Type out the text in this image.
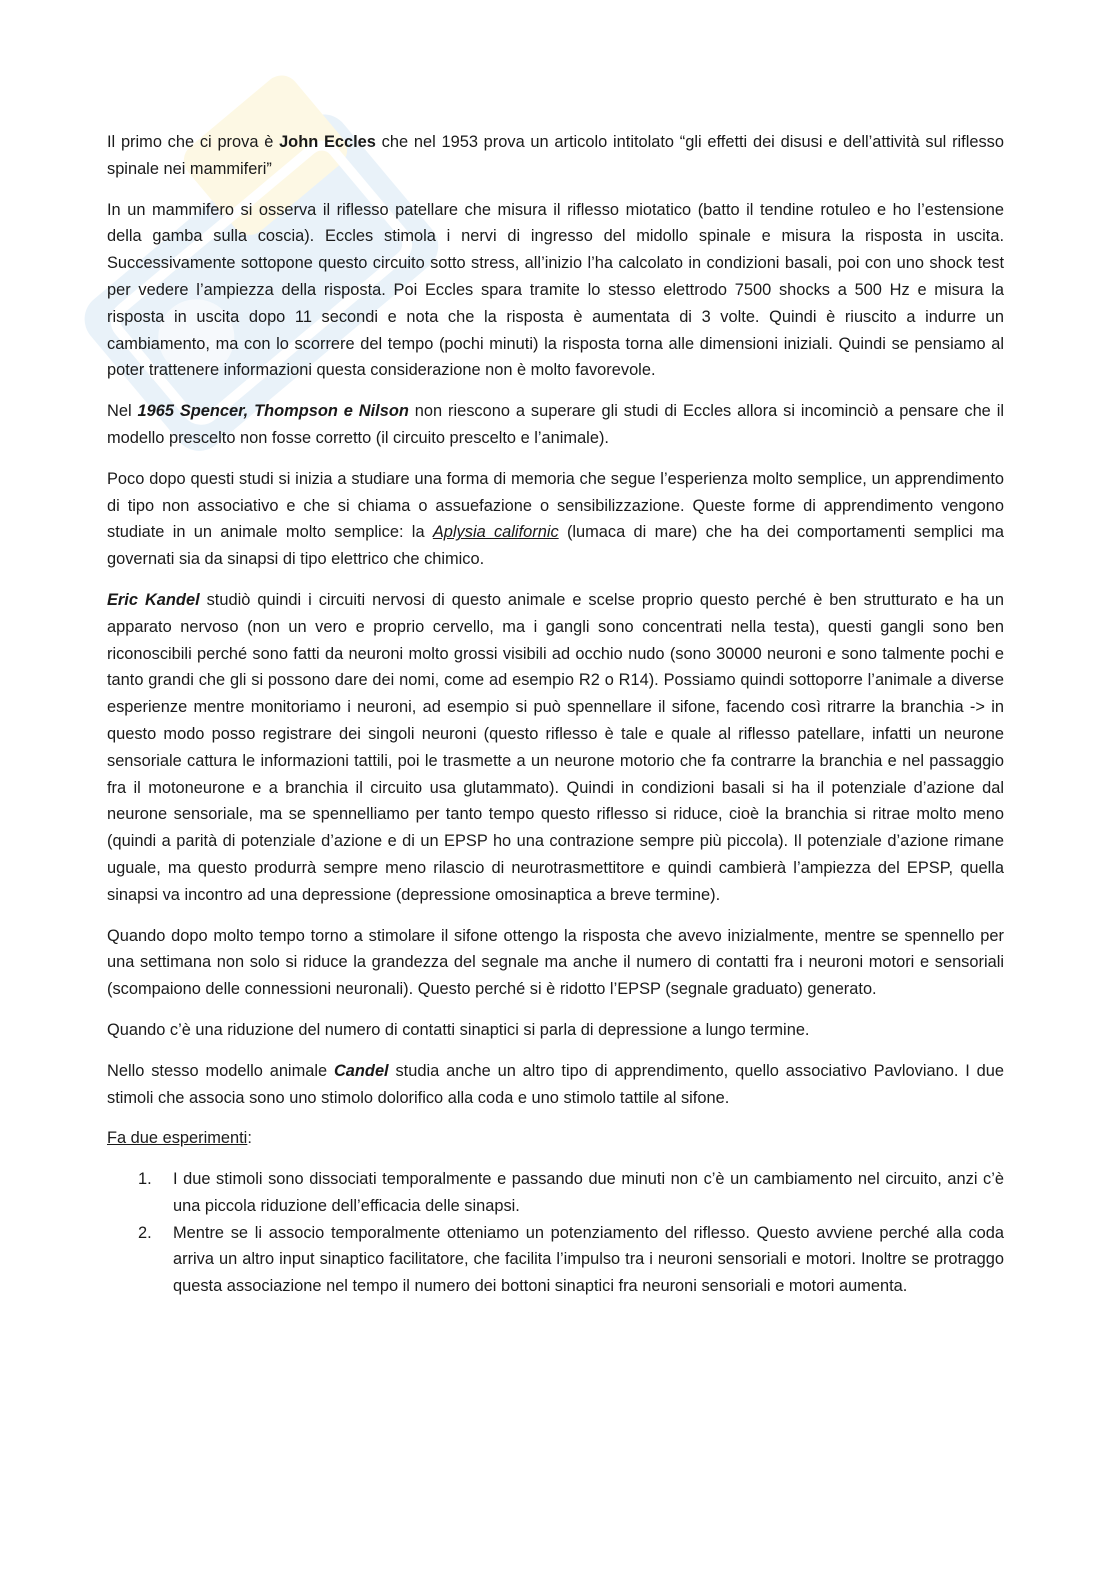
Il primo che ci prova è John Eccles che nel 1953 prova un articolo intitolato “gli effetti dei disusi e dell’attività sul riflesso spinale nei mammiferi”

In un mammifero si osserva il riflesso patellare che misura il riflesso miotatico (batto il tendine rotuleo e ho l’estensione della gamba sulla coscia). Eccles stimola i nervi di ingresso del midollo spinale e misura la risposta in uscita. Successivamente sottopone questo circuito sotto stress, all’inizio l’ha calcolato in condizioni basali, poi con uno shock test per vedere l’ampiezza della risposta. Poi Eccles spara tramite lo stesso elettrodo 7500 shocks a 500 Hz e misura la risposta in uscita dopo 11 secondi e nota che la risposta è aumentata di 3 volte. Quindi è riuscito a indurre un cambiamento, ma con lo scorrere del tempo (pochi minuti) la risposta torna alle dimensioni iniziali. Quindi se pensiamo al poter trattenere informazioni questa considerazione non è molto favorevole.

Nel 1965 Spencer, Thompson e Nilson non riescono a superare gli studi di Eccles allora si incominciò a pensare che il modello prescelto non fosse corretto (il circuito prescelto e l’animale).

Poco dopo questi studi si inizia a studiare una forma di memoria che segue l’esperienza molto semplice, un apprendimento di tipo non associativo e che si chiama o assuefazione o sensibilizzazione. Queste forme di apprendimento vengono studiate in un animale molto semplice: la Aplysia californic (lumaca di mare) che ha dei comportamenti semplici ma governati sia da sinapsi di tipo elettrico che chimico.

Eric Kandel studiò quindi i circuiti nervosi di questo animale e scelse proprio questo perché è ben strutturato e ha un apparato nervoso (non un vero e proprio cervello, ma i gangli sono concentrati nella testa), questi gangli sono ben riconoscibili perché sono fatti da neuroni molto grossi visibili ad occhio nudo (sono 30000 neuroni e sono talmente pochi e tanto grandi che gli si possono dare dei nomi, come ad esempio R2 o R14). Possiamo quindi sottoporre l’animale a diverse esperienze mentre monitoriamo i neuroni, ad esempio si può spennellare il sifone, facendo così ritrarre la branchia -> in questo modo posso registrare dei singoli neuroni (questo riflesso è tale e quale al riflesso patellare, infatti un neurone sensoriale cattura le informazioni tattili, poi le trasmette a un neurone motorio che fa contrarre la branchia e nel passaggio fra il motoneurone e a branchia il circuito usa glutammato). Quindi in condizioni basali si ha il potenziale d’azione dal neurone sensoriale, ma se spennelliamo per tanto tempo questo riflesso si riduce, cioè la branchia si ritrae molto meno (quindi a parità di potenziale d’azione e di un EPSP ho una contrazione sempre più piccola). Il potenziale d’azione rimane uguale, ma questo produrrà sempre meno rilascio di neurotrasmettitore e quindi cambierà l’ampiezza del EPSP, quella sinapsi va incontro ad una depressione (depressione omosinaptica a breve termine).

Quando dopo molto tempo torno a stimolare il sifone ottengo la risposta che avevo inizialmente, mentre se spennello per una settimana non solo si riduce la grandezza del segnale ma anche il numero di contatti fra i neuroni motori e sensoriali (scompaiono delle connessioni neuronali). Questo perché si è ridotto l’EPSP (segnale graduato) generato.

Quando c’è una riduzione del numero di contatti sinaptici si parla di depressione a lungo termine.

Nello stesso modello animale Candel studia anche un altro tipo di apprendimento, quello associativo Pavloviano. I due stimoli che associa sono uno stimolo dolorifico alla coda e uno stimolo tattile al sifone.

Fa due esperimenti:

1. I due stimoli sono dissociati temporalmente e passando due minuti non c’è un cambiamento nel circuito, anzi c’è una piccola riduzione dell’efficacia delle sinapsi.
2. Mentre se li associo temporalmente otteniamo un potenziamento del riflesso. Questo avviene perché alla coda arriva un altro input sinaptico facilitatore, che facilita l’impulso tra i neuroni sensoriali e motori. Inoltre se protraggo questa associazione nel tempo il numero dei bottoni sinaptici fra neuroni sensoriali e motori aumenta.
